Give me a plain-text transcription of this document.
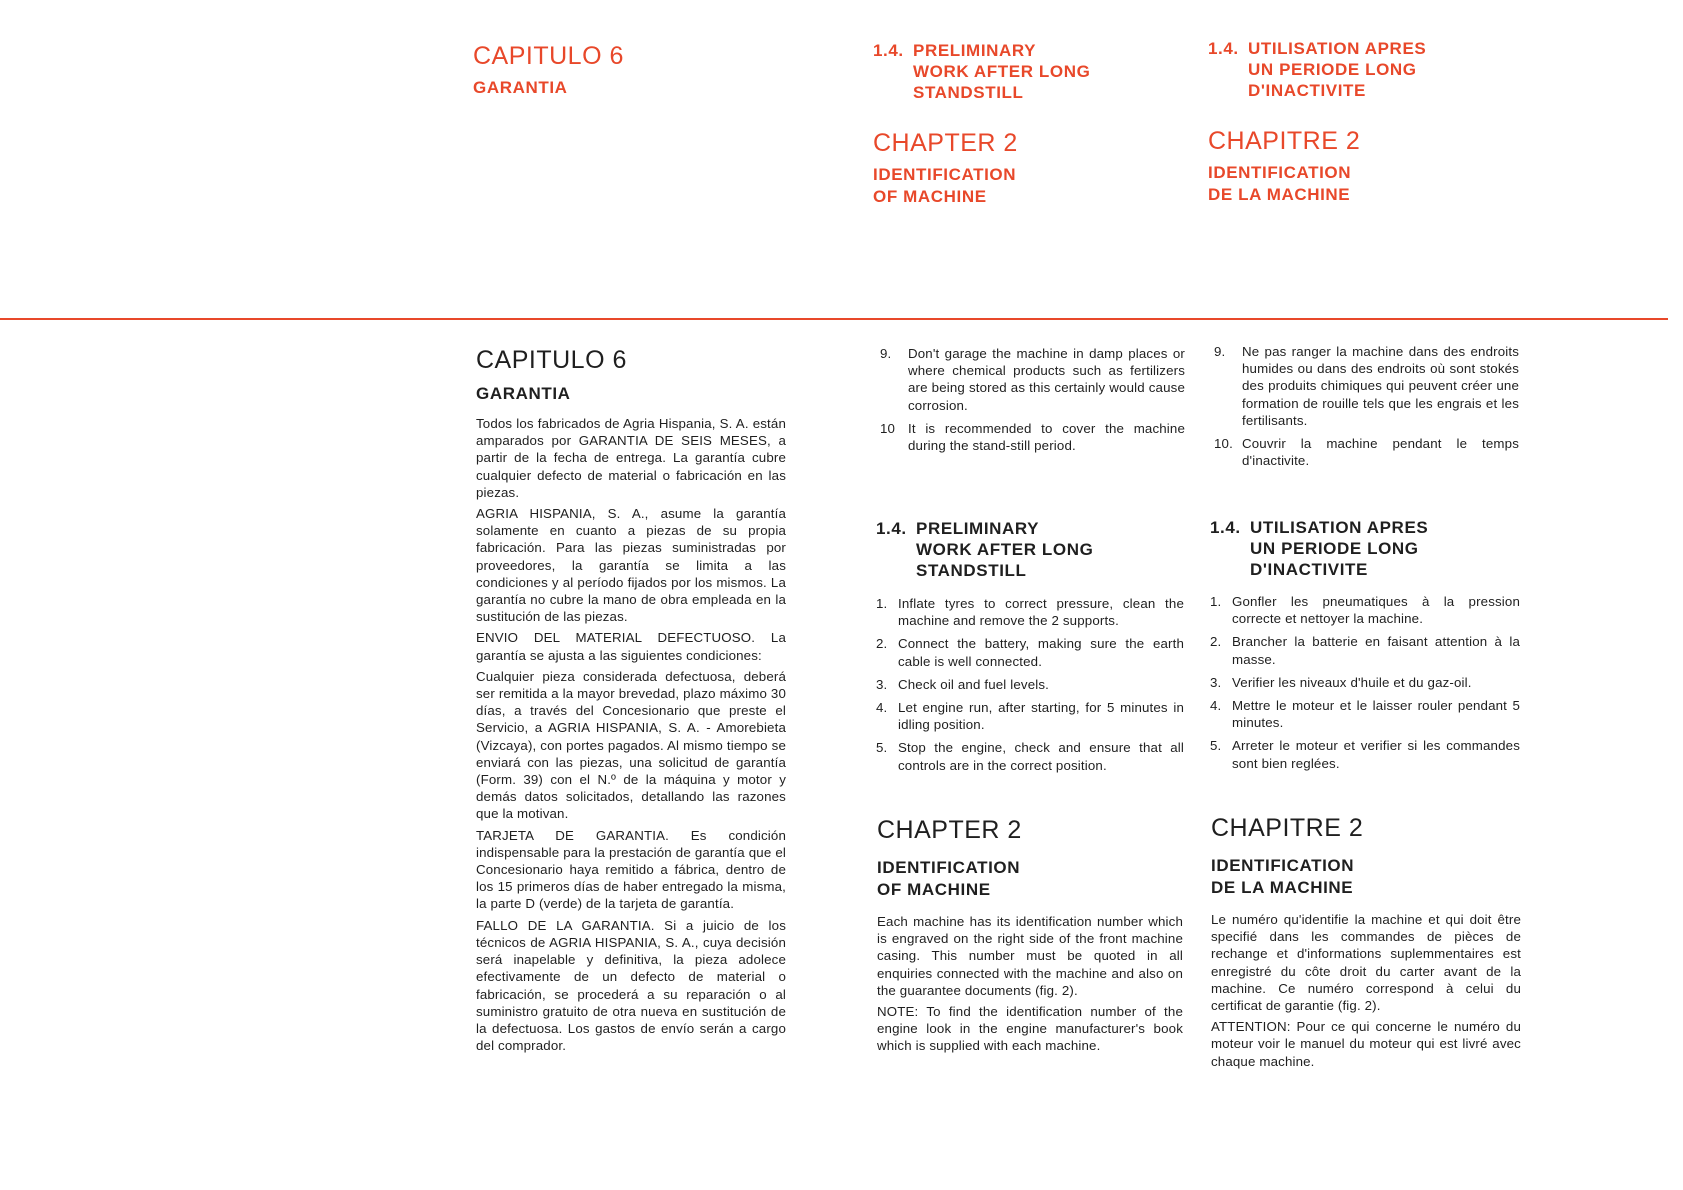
CAPITULO 6
GARANTIA
1.4. PRELIMINARY
WORK AFTER LONG
STANDSTILL
CHAPTER 2
IDENTIFICATION
OF MACHINE
1.4. UTILISATION APRES
UN PERIODE LONG
D'INACTIVITE
CHAPITRE 2
IDENTIFICATION
DE LA MACHINE
CAPITULO 6
GARANTIA

Todos los fabricados de Agria Hispania, S. A. están amparados por GARANTIA DE SEIS MESES, a partir de la fecha de entrega. La garantía cubre cualquier defecto de material o fabricación en las piezas.

AGRIA HISPANIA, S. A., asume la garantía solamente en cuanto a piezas de su propia fabricación. Para las piezas suministradas por proveedores, la garantía se limita a las condiciones y al período fijados por los mismos. La garantía no cubre la mano de obra empleada en la sustitución de las piezas.

ENVIO DEL MATERIAL DEFECTUOSO. La garantía se ajusta a las siguientes condiciones:

Cualquier pieza considerada defectuosa, deberá ser remitida a la mayor brevedad, plazo máximo 30 días, a través del Concesionario que preste el Servicio, a AGRIA HISPANIA, S. A. - Amorebieta (Vizcaya), con portes pagados. Al mismo tiempo se enviará con las piezas, una solicitud de garantía (Form. 39) con el N.º de la máquina y motor y demás datos solicitados, detallando las razones que la motivan.

TARJETA DE GARANTIA. Es condición indispensable para la prestación de garantía que el Concesionario haya remitido a fábrica, dentro de los 15 primeros días de haber entregado la misma, la parte D (verde) de la tarjeta de garantía.

FALLO DE LA GARANTIA. Si a juicio de los técnicos de AGRIA HISPANIA, S. A., cuya decisión será inapelable y definitiva, la pieza adolece efectivamente de un defecto de material o fabricación, se procederá a su reparación o al suministro gratuito de otra nueva en sustitución de la defectuosa. Los gastos de envío serán a cargo del comprador.

9.	Don't garage the machine in damp places or where chemical products such as fertilizers are being stored as this certainly would cause corrosion.
10 It is recommended to cover the machine during the stand-still period.
1.4. PRELIMINARY
WORK AFTER LONG
STANDSTILL
1. Inflate tyres to correct pressure, clean the machine and remove the 2 supports.
2. Connect the battery, making sure the earth cable is well connected.
3. Check oil and fuel levels.
4. Let engine run, after starting, for 5 minutes in idling position.
5. Stop the engine, check and ensure that all controls are in the correct position.
CHAPTER 2
IDENTIFICATION
OF MACHINE

Each machine has its identification number which is engraved on the right side of the front machine casing. This number must be quoted in all enquiries connected with the machine and also on the guarantee documents (fig. 2).

NOTE: To find the identification number of the engine look in the engine manufacturer's book which is supplied with each machine.

9.	Ne pas ranger la machine dans des endroits humides ou dans des endroits où sont stokés des produits chimiques qui peuvent créer une formation de rouille tels que les engrais et les fertilisants.
10. Couvrir la machine pendant le temps d'inactivite.
1.4. UTILISATION APRES
UN PERIODE LONG
D'INACTIVITE
1. Gonfler les pneumatiques à la pression correcte et nettoyer la machine.
2. Brancher la batterie en faisant attention à la masse.
3. Verifier les niveaux d'huile et du gaz-oil.
4. Mettre le moteur et le laisser rouler pendant 5 minutes.
5. Arreter le moteur et verifier si les commandes sont bien reglées.
CHAPITRE 2
IDENTIFICATION
DE LA MACHINE

Le numéro qu'identifie la machine et qui doit être specifié dans les commandes de pièces de rechange et d'informations suplemmentaires est enregistré du côte droit du carter avant de la machine. Ce numéro correspond à celui du certificat de garantie (fig. 2).

ATTENTION: Pour ce qui concerne le numéro du moteur voir le manuel du moteur qui est livré avec chaque machine.
